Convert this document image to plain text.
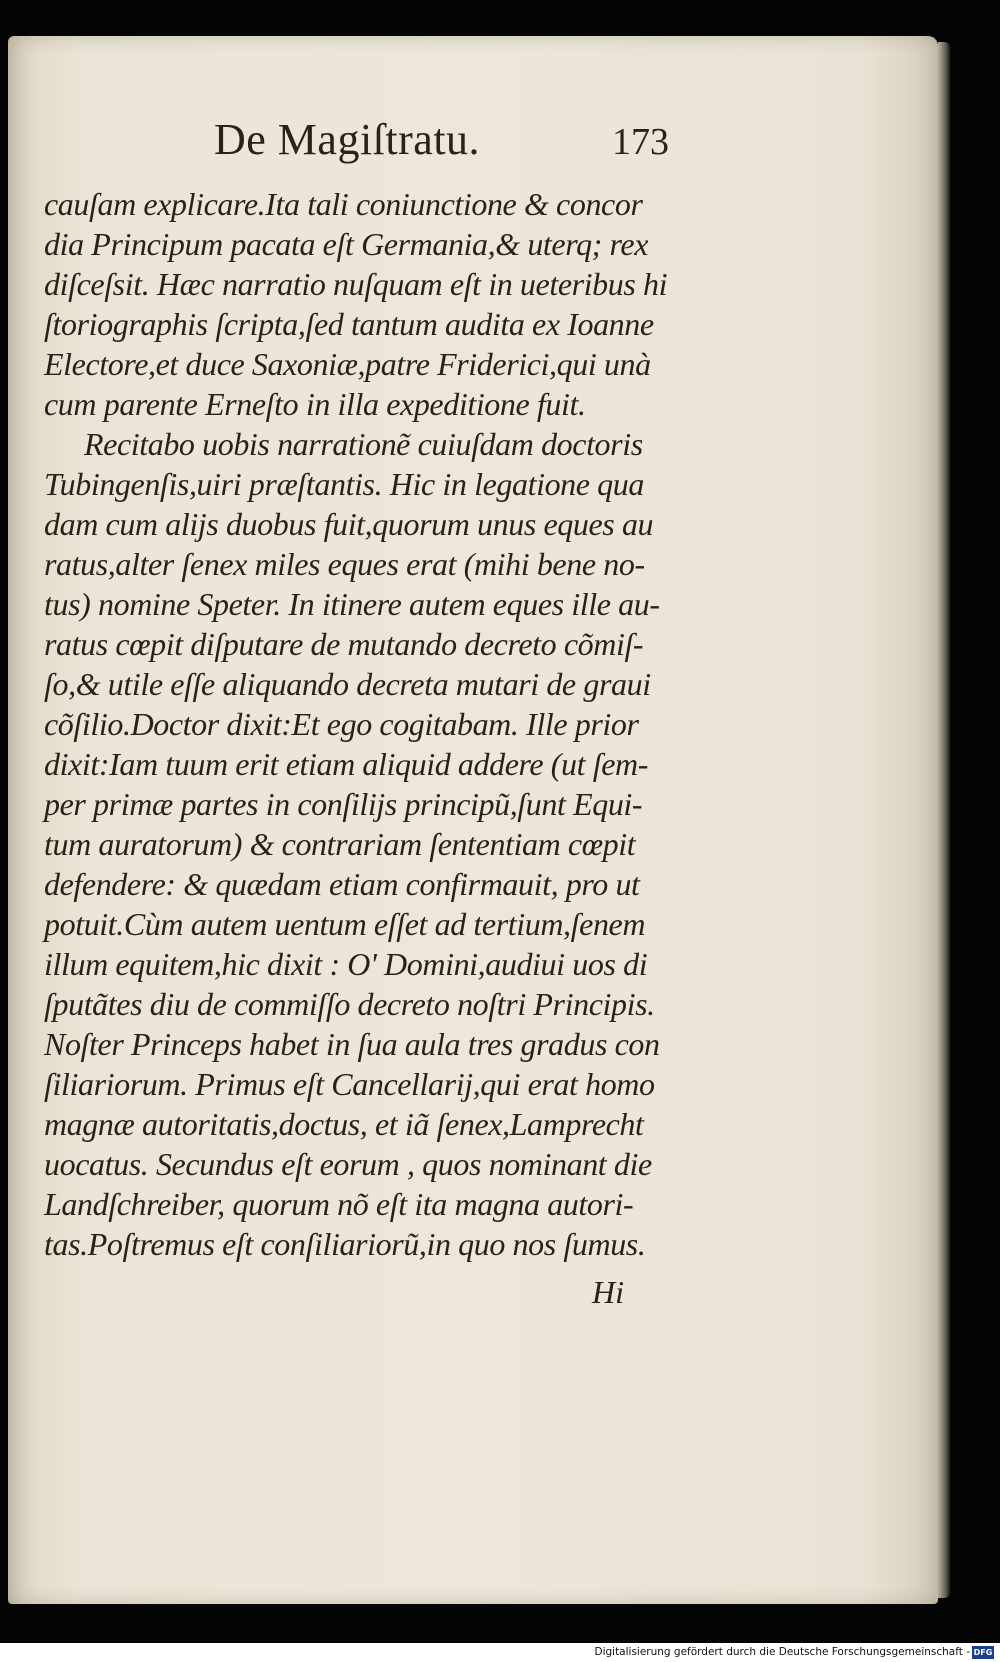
De Magiſtratu.	173
cauſam explicare.Ita tali coniunctione & concor
dia Principum pacata eſt Germania,& uterq; rex
diſceſsit. Hæc narratio nuſquam eſt in ueteribus hi
ſtoriographis ſcripta,ſed tantum audita ex Ioanne
Electore,et duce Saxoniæ,patre Friderici,qui unà
cum parente Erneſto in illa expeditione fuit.
Recitabo uobis narrationẽ cuiuſdam doctoris
Tubingenſis,uiri præſtantis. Hic in legatione qua
dam cum alijs duobus fuit,quorum unus eques au
ratus,alter ſenex miles eques erat (mihi bene no-
tus) nomine Speter. In itinere autem eques ille au-
ratus cœpit diſputare de mutando decreto cõmiſ-
ſo,& utile eſſe aliquando decreta mutari de graui
cõſilio.Doctor dixit:Et ego cogitabam. Ille prior
dixit:Iam tuum erit etiam aliquid addere (ut ſem-
per primæ partes in conſilijs principũ,ſunt Equi-
tum auratorum) & contrariam ſententiam cœpit
defendere: & quædam etiam confirmauit, pro ut
potuit.Cùm autem uentum eſſet ad tertium,ſenem
illum equitem,hic dixit : O' Domini,audiui uos di
ſputãtes diu de commiſſo decreto noſtri Principis.
Noſter Princeps habet in ſua aula tres gradus con
ſiliariorum. Primus eſt Cancellarij,qui erat homo
magnæ autoritatis,doctus, et iã ſenex,Lamprecht
uocatus. Secundus eſt eorum , quos nominant die
Landſchreiber, quorum nõ eſt ita magna autori-
tas.Poſtremus eſt conſiliariorũ,in quo nos ſumus.
Hi
Digitalisierung gefördert durch die Deutsche Forschungsgemeinschaft - DFG
